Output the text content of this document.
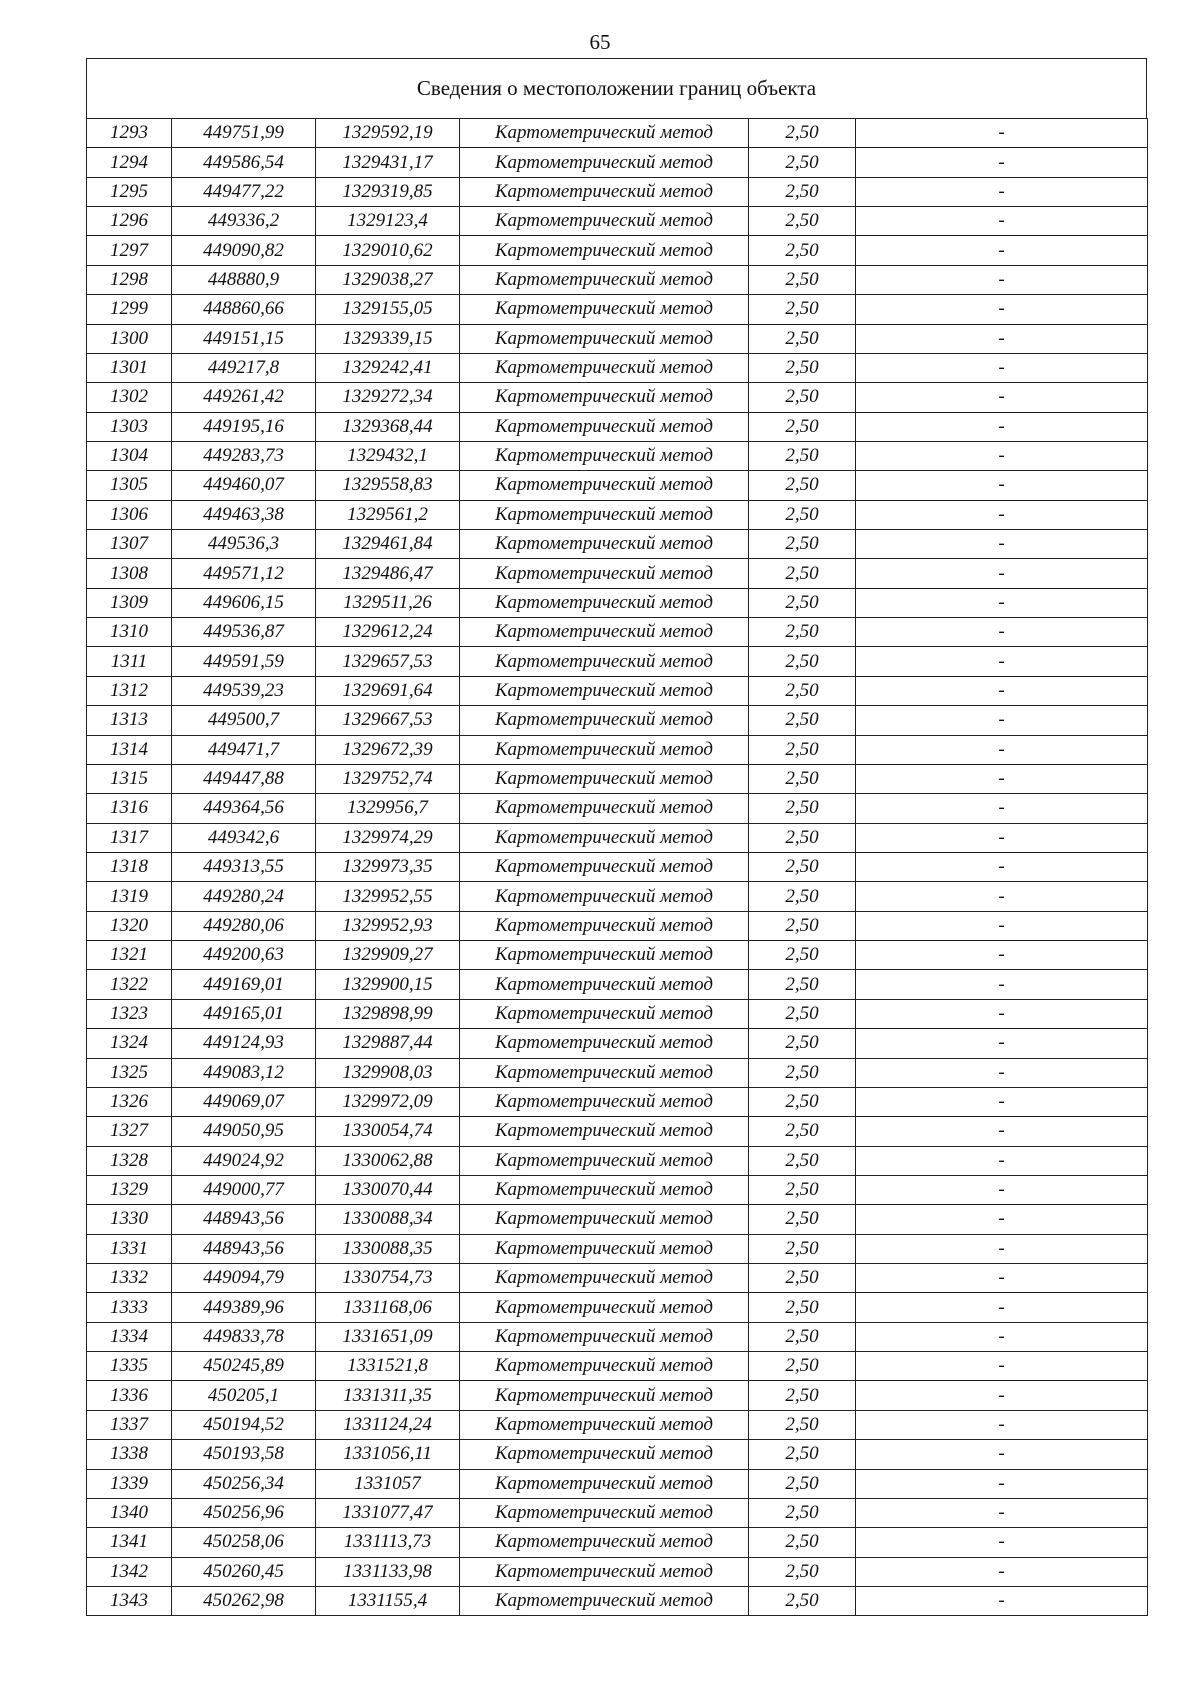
65
Сведения о местоположении границ объекта
1293	449751,99	1329592,19	Картометрический метод	2,50	-
1294	449586,54	1329431,17	Картометрический метод	2,50	-
1295	449477,22	1329319,85	Картометрический метод	2,50	-
1296	449336,2	1329123,4	Картометрический метод	2,50	-
1297	449090,82	1329010,62	Картометрический метод	2,50	-
1298	448880,9	1329038,27	Картометрический метод	2,50	-
1299	448860,66	1329155,05	Картометрический метод	2,50	-
1300	449151,15	1329339,15	Картометрический метод	2,50	-
1301	449217,8	1329242,41	Картометрический метод	2,50	-
1302	449261,42	1329272,34	Картометрический метод	2,50	-
1303	449195,16	1329368,44	Картометрический метод	2,50	-
1304	449283,73	1329432,1	Картометрический метод	2,50	-
1305	449460,07	1329558,83	Картометрический метод	2,50	-
1306	449463,38	1329561,2	Картометрический метод	2,50	-
1307	449536,3	1329461,84	Картометрический метод	2,50	-
1308	449571,12	1329486,47	Картометрический метод	2,50	-
1309	449606,15	1329511,26	Картометрический метод	2,50	-
1310	449536,87	1329612,24	Картометрический метод	2,50	-
1311	449591,59	1329657,53	Картометрический метод	2,50	-
1312	449539,23	1329691,64	Картометрический метод	2,50	-
1313	449500,7	1329667,53	Картометрический метод	2,50	-
1314	449471,7	1329672,39	Картометрический метод	2,50	-
1315	449447,88	1329752,74	Картометрический метод	2,50	-
1316	449364,56	1329956,7	Картометрический метод	2,50	-
1317	449342,6	1329974,29	Картометрический метод	2,50	-
1318	449313,55	1329973,35	Картометрический метод	2,50	-
1319	449280,24	1329952,55	Картометрический метод	2,50	-
1320	449280,06	1329952,93	Картометрический метод	2,50	-
1321	449200,63	1329909,27	Картометрический метод	2,50	-
1322	449169,01	1329900,15	Картометрический метод	2,50	-
1323	449165,01	1329898,99	Картометрический метод	2,50	-
1324	449124,93	1329887,44	Картометрический метод	2,50	-
1325	449083,12	1329908,03	Картометрический метод	2,50	-
1326	449069,07	1329972,09	Картометрический метод	2,50	-
1327	449050,95	1330054,74	Картометрический метод	2,50	-
1328	449024,92	1330062,88	Картометрический метод	2,50	-
1329	449000,77	1330070,44	Картометрический метод	2,50	-
1330	448943,56	1330088,34	Картометрический метод	2,50	-
1331	448943,56	1330088,35	Картометрический метод	2,50	-
1332	449094,79	1330754,73	Картометрический метод	2,50	-
1333	449389,96	1331168,06	Картометрический метод	2,50	-
1334	449833,78	1331651,09	Картометрический метод	2,50	-
1335	450245,89	1331521,8	Картометрический метод	2,50	-
1336	450205,1	1331311,35	Картометрический метод	2,50	-
1337	450194,52	1331124,24	Картометрический метод	2,50	-
1338	450193,58	1331056,11	Картометрический метод	2,50	-
1339	450256,34	1331057	Картометрический метод	2,50	-
1340	450256,96	1331077,47	Картометрический метод	2,50	-
1341	450258,06	1331113,73	Картометрический метод	2,50	-
1342	450260,45	1331133,98	Картометрический метод	2,50	-
1343	450262,98	1331155,4	Картометрический метод	2,50	-
